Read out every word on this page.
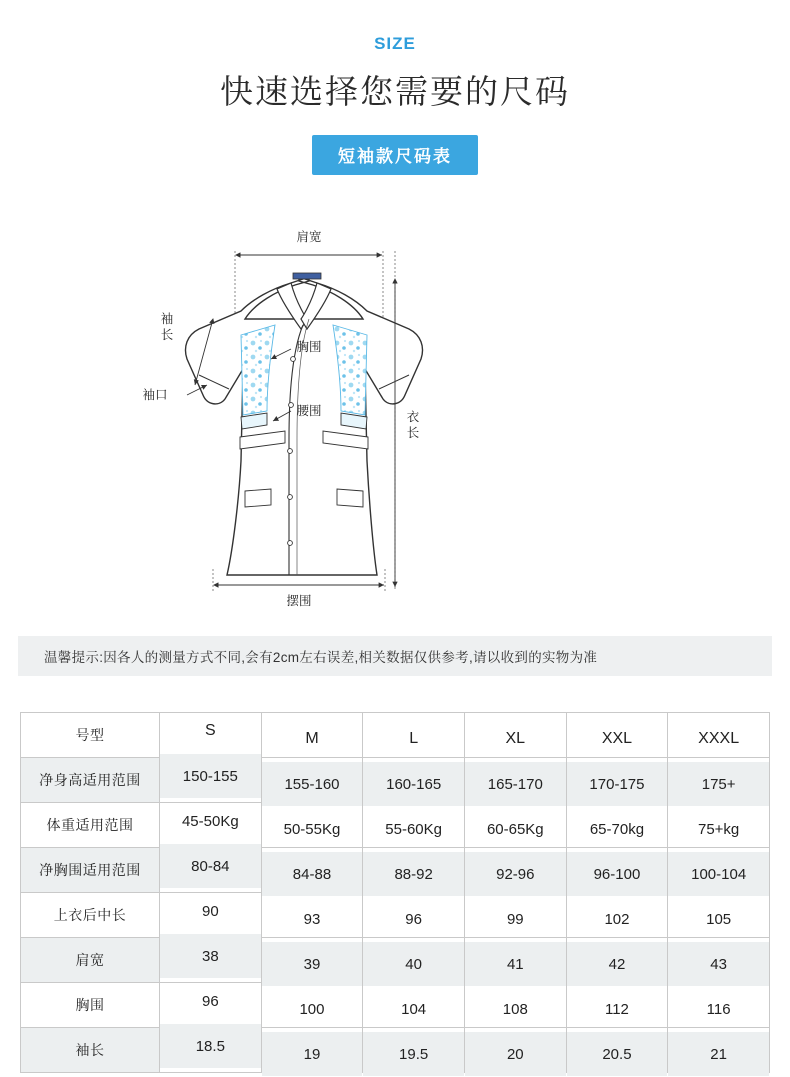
SIZE
快速选择您需要的尺码
短袖款尺码表
肩宽
袖
长
袖口
胸围
腰围	衣
长
摆围
温馨提示:因各人的测量方式不同,会有2cm左右误差,相关数据仅供参考,请以收到的实物为准
号型	S	M	L	XL	XXL	XXXL
净身高适用范围	150-155	155-160	160-165	165-170	170-175	175+
体重适用范围	45-50Kg	50-55Kg	55-60Kg	60-65Kg	65-70kg	75+kg
净胸围适用范围	80-84	84-88	88-92	92-96	96-100	100-104
上衣后中长	90	93	96	99	102	105
肩宽	38	39	40	41	42	43
胸围	96	100	104	108	112	116
袖长	18.5	19	19.5	20	20.5	21
